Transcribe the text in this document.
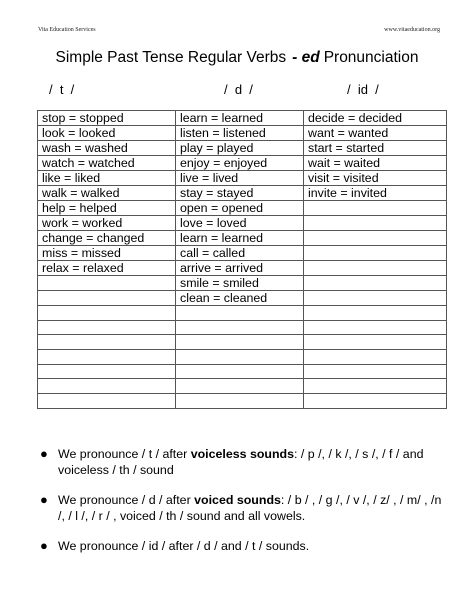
Vita Education Services	www.vitaeducation.org
Simple Past Tense Regular Verbs - ed Pronunciation
/  t  /	/  d  /	/  id  /
stop = stopped	learn = learned	decide = decided
look = looked	listen = listened	want = wanted
wash = washed	play = played	start = started
watch = watched	enjoy = enjoyed	wait = waited
like = liked	live = lived	visit = visited
walk = walked	stay = stayed	invite = invited
help = helped	open = opened	
work = worked	love = loved	
change = changed	learn = learned	
miss = missed	call = called	
relax = relaxed	arrive = arrived	
	smile = smiled	
	clean = cleaned	

● We pronounce / t / after voiceless sounds: / p /, / k /, / s /, / f / and voiceless / th / sound
● We pronounce / d / after voiced sounds: / b / , / g /, / v /, / z/ , / m/ , /n /, / l /, / r / , voiced / th / sound and all vowels.
● We pronounce / id / after / d / and / t / sounds.
